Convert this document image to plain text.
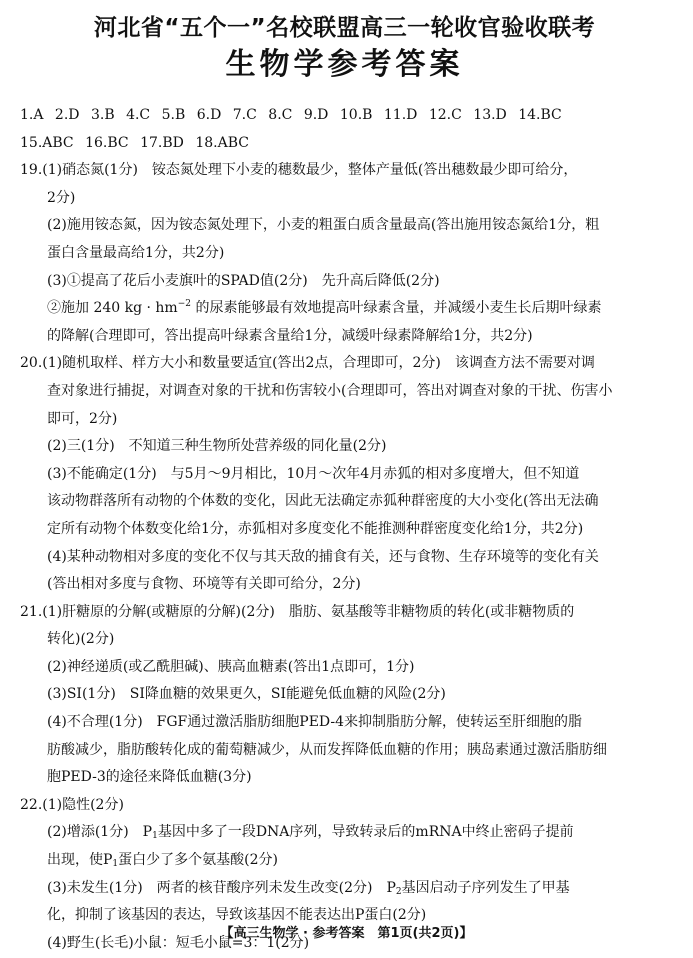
河北省“五个一”名校联盟高三一轮收官验收联考
生物学参考答案
1.A 2.D 3.B 4.C 5.B 6.D 7.C 8.C 9.D 10.B 11.D 12.C 13.D 14.BC
15.ABC 16.BC 17.BD 18.ABC
19.(1)硝态氮(1分)　铵态氮处理下小麦的穗数最少，整体产量低(答出穗数最少即可给分，
2分)
(2)施用铵态氮，因为铵态氮处理下，小麦的粗蛋白质含量最高(答出施用铵态氮给1分，粗
蛋白含量最高给1分，共2分)
(3)①提高了花后小麦旗叶的SPAD值(2分)　先升高后降低(2分)
②施加 240 kg · $hm^{-2}$ 的尿素能够最有效地提高叶绿素含量，并减缓小麦生长后期叶绿素
的降解(合理即可，答出提高叶绿素含量给1分，减缓叶绿素降解给1分，共2分)
20.(1)随机取样、样方大小和数量要适宜(答出2点，合理即可，2分)　该调查方法不需要对调
查对象进行捕捉，对调查对象的干扰和伤害较小(合理即可，答出对调查对象的干扰、伤害小
即可，2分)
(2)三(1分)　不知道三种生物所处营养级的同化量(2分)
(3)不能确定(1分)　与5月～9月相比，10月～次年4月赤狐的相对多度增大，但不知道
该动物群落所有动物的个体数的变化，因此无法确定赤狐种群密度的大小变化(答出无法确
定所有动物个体数变化给1分，赤狐相对多度变化不能推测种群密度变化给1分，共2分)
(4)某种动物相对多度的变化不仅与其天敌的捕食有关，还与食物、生存环境等的变化有关
(答出相对多度与食物、环境等有关即可给分，2分)
21.(1)肝糖原的分解(或糖原的分解)(2分)　脂肪、氨基酸等非糖物质的转化(或非糖物质的
转化)(2分)
(2)神经递质(或乙酰胆碱)、胰高血糖素(答出1点即可，1分)
(3)SI(1分)　SI降血糖的效果更久，SI能避免低血糖的风险(2分)
(4)不合理(1分)　FGF通过激活脂肪细胞PED-4来抑制脂肪分解，使转运至肝细胞的脂
肪酸减少，脂肪酸转化成的葡萄糖减少，从而发挥降低血糖的作用；胰岛素通过激活脂肪细
胞PED-3的途径来降低血糖(3分)
22.(1)隐性(2分)
(2)增添(1分)　$P_1$基因中多了一段DNA序列，导致转录后的mRNA中终止密码子提前
出现，使$P_1$蛋白少了多个氨基酸(2分)
(3)未发生(1分)　两者的核苷酸序列未发生改变(2分)　$P_2$基因启动子序列发生了甲基
化，抑制了该基因的表达，导致该基因不能表达出P蛋白(2分)
(4)野生(长毛)小鼠：短毛小鼠=3：1(2分)
【高三生物学 · 参考答案　第1页(共2页)】
